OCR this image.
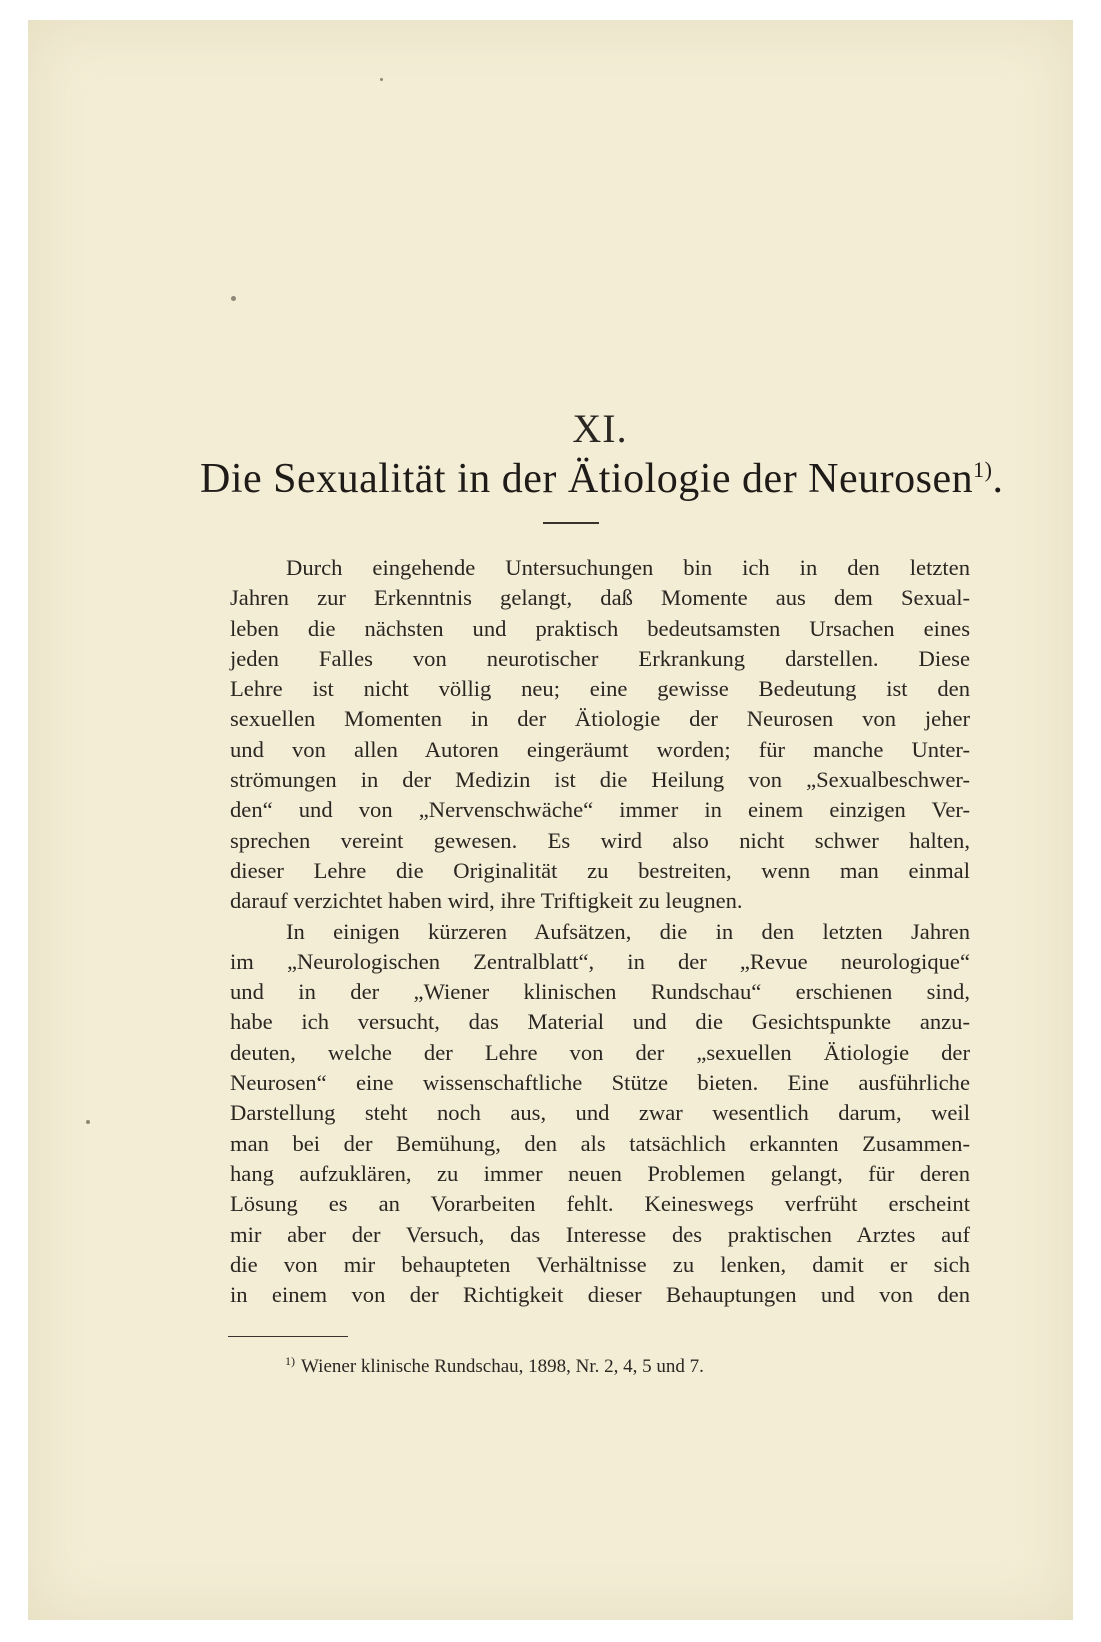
XI.
Die Sexualität in der Ätiologie der Neurosen$^{1)}$.
Durch eingehende Untersuchungen bin ich in den letzten
Jahren zur Erkenntnis gelangt, daß Momente aus dem Sexual-
leben die nächsten und praktisch bedeutsamsten Ursachen eines
jeden Falles von neurotischer Erkrankung darstellen. Diese
Lehre ist nicht völlig neu; eine gewisse Bedeutung ist den
sexuellen Momenten in der Ätiologie der Neurosen von jeher
und von allen Autoren eingeräumt worden; für manche Unter-
strömungen in der Medizin ist die Heilung von „Sexualbeschwer-
den“ und von „Nervenschwäche“ immer in einem einzigen Ver-
sprechen vereint gewesen. Es wird also nicht schwer halten,
dieser Lehre die Originalität zu bestreiten, wenn man einmal
darauf verzichtet haben wird, ihre Triftigkeit zu leugnen.
In einigen kürzeren Aufsätzen, die in den letzten Jahren
im „Neurologischen Zentralblatt“, in der „Revue neurologique“
und in der „Wiener klinischen Rundschau“ erschienen sind,
habe ich versucht, das Material und die Gesichtspunkte anzu-
deuten, welche der Lehre von der „sexuellen Ätiologie der
Neurosen“ eine wissenschaftliche Stütze bieten. Eine ausführliche
Darstellung steht noch aus, und zwar wesentlich darum, weil
man bei der Bemühung, den als tatsächlich erkannten Zusammen-
hang aufzuklären, zu immer neuen Problemen gelangt, für deren
Lösung es an Vorarbeiten fehlt. Keineswegs verfrüht erscheint
mir aber der Versuch, das Interesse des praktischen Arztes auf
die von mir behaupteten Verhältnisse zu lenken, damit er sich
in einem von der Richtigkeit dieser Behauptungen und von den
$^{1)}$ Wiener klinische Rundschau, 1898, Nr. 2, 4, 5 und 7.
